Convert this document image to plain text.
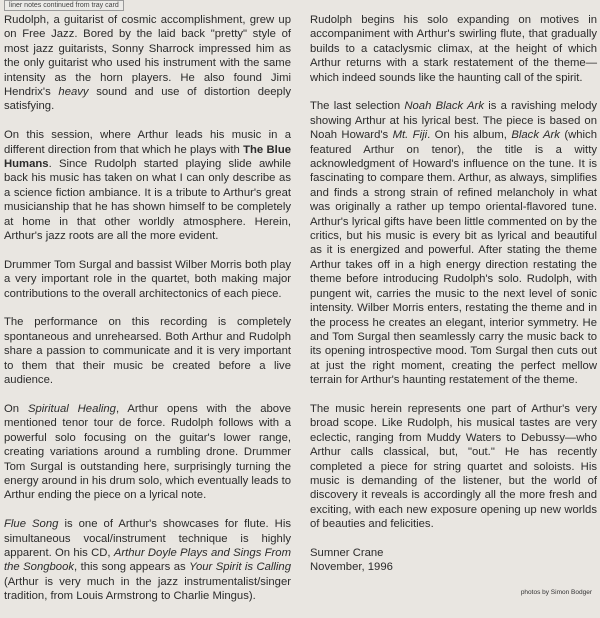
liner notes continued from tray card

Rudolph, a guitarist of cosmic accomplishment, grew up on Free Jazz. Bored by the laid back "pretty" style of most jazz guitarists, Sonny Sharrock impressed him as the only guitarist who used his instrument with the same intensity as the horn players. He also found Jimi Hendrix's heavy sound and use of distortion deeply satisfying.

On this session, where Arthur leads his music in a different direction from that which he plays with The Blue Humans. Since Rudolph started playing slide awhile back his music has taken on what I can only describe as a science fiction ambiance. It is a tribute to Arthur's great musicianship that he has shown himself to be completely at home in that other worldly atmosphere. Herein, Arthur's jazz roots are all the more evident.

Drummer Tom Surgal and bassist Wilber Morris both play a very important role in the quartet, both making major contributions to the overall architectonics of each piece.

The performance on this recording is completely spontaneous and unrehearsed. Both Arthur and Rudolph share a passion to communicate and it is very important to them that their music be created before a live audience.

On Spiritual Healing, Arthur opens with the above mentioned tenor tour de force. Rudolph follows with a powerful solo focusing on the guitar's lower range, creating variations around a rumbling drone. Drummer Tom Surgal is outstanding here, surprisingly turning the energy around in his drum solo, which eventually leads to Arthur ending the piece on a lyrical note.

Flue Song is one of Arthur's showcases for flute. His simultaneous vocal/instrument technique is highly apparent. On his CD, Arthur Doyle Plays and Sings From the Songbook, this song appears as Your Spirit is Calling (Arthur is very much in the jazz instrumentalist/singer tradition, from Louis Armstrong to Charlie Mingus).

Rudolph begins his solo expanding on motives in accompaniment with Arthur's swirling flute, that gradually builds to a cataclysmic climax, at the height of which Arthur returns with a stark restatement of the theme—which indeed sounds like the haunting call of the spirit.

The last selection Noah Black Ark is a ravishing melody showing Arthur at his lyrical best. The piece is based on Noah Howard's Mt. Fiji. On his album, Black Ark (which featured Arthur on tenor), the title is a witty acknowledgment of Howard's influence on the tune. It is fascinating to compare them. Arthur, as always, simplifies and finds a strong strain of refined melancholy in what was originally a rather up tempo oriental-flavored tune. Arthur's lyrical gifts have been little commented on by the critics, but his music is every bit as lyrical and beautiful as it is energized and powerful. After stating the theme Arthur takes off in a high energy direction restating the theme before introducing Rudolph's solo. Rudolph, with pungent wit, carries the music to the next level of sonic intensity. Wilber Morris enters, restating the theme and in the process he creates an elegant, interior symmetry. He and Tom Surgal then seamlessly carry the music back to its opening introspective mood. Tom Surgal then cuts out at just the right moment, creating the perfect mellow terrain for Arthur's haunting restatement of the theme.

The music herein represents one part of Arthur's very broad scope. Like Rudolph, his musical tastes are very eclectic, ranging from Muddy Waters to Debussy—who Arthur calls classical, but, "out." He has recently completed a piece for string quartet and soloists. His music is demanding of the listener, but the world of discovery it reveals is accordingly all the more fresh and exciting, with each new exposure opening up new worlds of beauties and felicities.

Sumner Crane
November, 1996
photos by Simon Bodger
